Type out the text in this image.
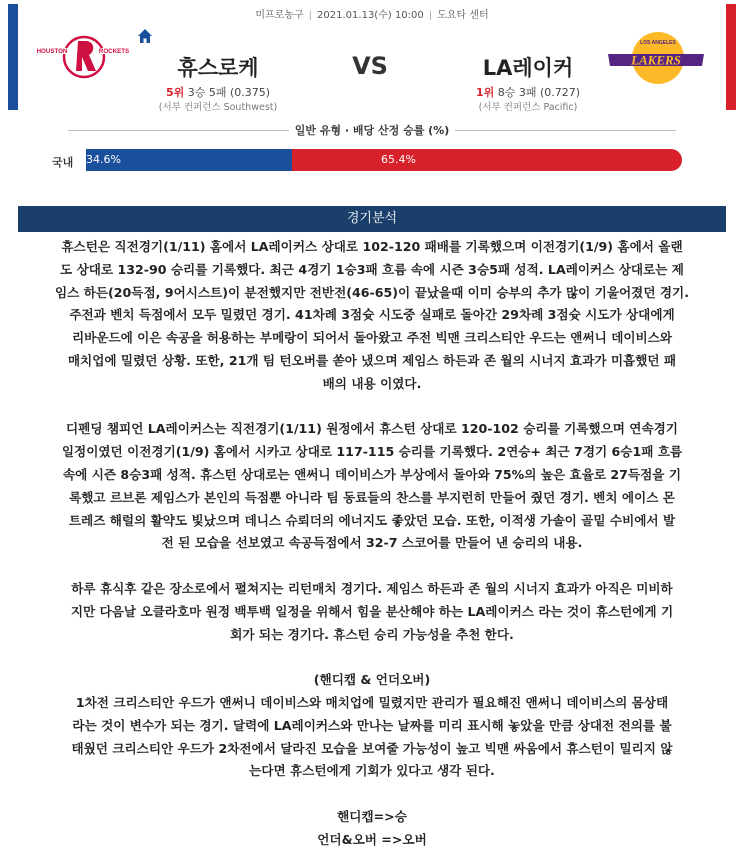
미프로농구 | 2021.01.13(수) 10:00 | 도요타 센터
HOUSTON	ROCKETS
LAKERS
LOS ANGELES
휴스로케	VS	LA레이커
5위 3승 5패 (0.375)	1위 8승 3패 (0.727)
(서부 컨퍼런스 Southwest)	(서부 컨퍼런스 Pacific)
일반 유형 · 배당 산정 승률 (%)
국내 34.6%	65.4%
경기분석

휴스턴은 직전경기(1/11) 홈에서 LA레이커스 상대로 102-120 패배를 기록했으며 이전경기(1/9) 홈에서 올랜

도 상대로 132-90 승리를 기록했다. 최근 4경기 1승3패 흐름 속에 시즌 3승5패 성적. LA레이커스 상대로는 제

임스 하든(20득점, 9어시스트)이 분전했지만 전반전(46-65)이 끝났을때 이미 승부의 추가 많이 기울어졌던 경기.

주전과 벤치 득점에서 모두 밀렸던 경기. 41차례 3점슛 시도중 실패로 돌아간 29차례 3점슛 시도가 상대에게

리바운드에 이은 속공을 허용하는 부메랑이 되어서 돌아왔고 주전 빅맨 크리스티안 우드는 앤써니 데이비스와

매치업에 밀렸던 상황. 또한, 21개 팀 턴오버를 쏟아 냈으며 제임스 하든과 존 월의 시너지 효과가 미흡했던 패

배의 내용 이였다.

디펜딩 챔피언 LA레이커스는 직전경기(1/11) 원정에서 휴스턴 상대로 120-102 승리를 기록했으며 연속경기

일정이였던 이전경기(1/9) 홈에서 시카고 상대로 117-115 승리를 기록했다. 2연승+ 최근 7경기 6승1패 흐름

속에 시즌 8승3패 성적. 휴스턴 상대로는 앤써니 데이비스가 부상에서 돌아와 75%의 높은 효율로 27득점을 기

록했고 르브론 제임스가 본인의 득점뿐 아니라 팀 동료들의 찬스를 부지런히 만들어 줬던 경기. 벤치 에이스 몬

트레즈 해럴의 활약도 빛났으며 데니스 슈뢰더의 에너지도 좋았던 모습. 또한, 이적생 가솔이 골밑 수비에서 발

전 된 모습을 선보였고 속공득점에서 32-7 스코어를 만들어 낸 승리의 내용.

하루 휴식후 같은 장소로에서 펼쳐지는 리턴매치 경기다. 제임스 하든과 존 월의 시너지 효과가 아직은 미비하

지만 다음날 오클라호마 원정 백투백 일정을 위해서 힘을 분산해야 하는 LA레이커스 라는 것이 휴스턴에게 기

회가 되는 경기다. 휴스턴 승리 가능성을 추천 한다.

(핸디캡 & 언더오버)

1차전 크리스티안 우드가 앤써니 데이비스와 매치업에 밀렸지만 관리가 필요해진 앤써니 데이비스의 몸상태

라는 것이 변수가 되는 경기. 달력에 LA레이커스와 만나는 날짜를 미리 표시해 놓았을 만큼 상대전 전의를 불

태웠던 크리스티안 우드가 2차전에서 달라진 모습을 보여줄 가능성이 높고 빅맨 싸움에서 휴스턴이 밀리지 않

는다면 휴스턴에게 기회가 있다고 생각 된다.

핸디캡=>승

언더&오버 =>오버
